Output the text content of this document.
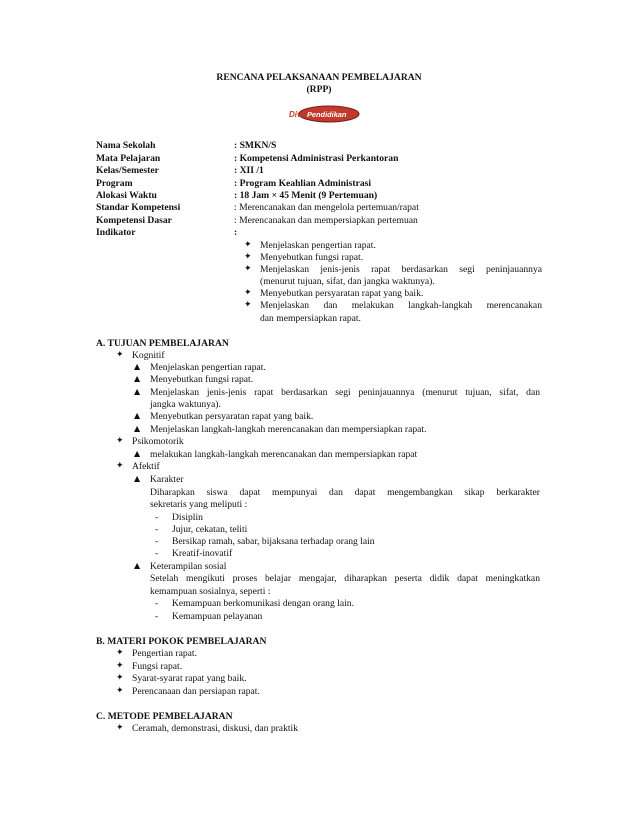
RENCANA PELAKSANAAN PEMBELAJARAN
(RPP)
Dive Pendidikan
Nama Sekolah	: SMKN/S
Mata Pelajaran	: Kompetensi Administrasi Perkantoran
Kelas/Semester	: XII /1
Program	: Program Keahlian Administrasi
Alokasi Waktu	: 18 Jam × 45 Menit (9 Pertemuan)
Standar Kompetensi	: Merencanakan dan mengelola pertemuan/rapat
Kompetensi Dasar	: Merencanakan dan mempersiapkan pertemuan
Indikator	:
✦ Menjelaskan pengertian rapat.
✦ Menyebutkan fungsi rapat.
✦ Menjelaskan jenis-jenis rapat berdasarkan segi peninjauannya
(menurut tujuan, sifat, dan jangka waktunya).
✦ Menyebutkan persyaratan rapat yang baik.
✦ Menjelaskan dan melakukan langkah-langkah merencanakan
dan mempersiapkan rapat.
A. TUJUAN PEMBELAJARAN
✦ Kognitif
▲ Menjelaskan pengertian rapat.
▲ Menyebutkan fungsi rapat.
▲ Menjelaskan jenis-jenis rapat berdasarkan segi peninjauannya (menurut tujuan, sifat, dan
jangka waktunya).
▲ Menyebutkan persyaratan rapat yang baik.
▲ Menjelaskan langkah-langkah merencanakan dan mempersiapkan rapat.
✦ Psikomotorik
▲ melakukan langkah-langkah merencanakan dan mempersiapkan rapat
✦ Afektif
▲ Karakter
Diharapkan siswa dapat mempunyai dan dapat mengembangkan sikap berkarakter
sekretaris yang meliputi :
- Disiplin
- Jujur, cekatan, teliti
- Bersikap ramah, sabar, bijaksana terhadap orang lain
- Kreatif-inovatif
▲ Keterampilan sosial
Setelah mengikuti proses belajar mengajar, diharapkan peserta didik dapat meningkatkan
kemampuan sosialnya, seperti :
- Kemampuan berkomunikasi dengan orang lain.
- Kemampuan pelayanan
B. MATERI POKOK PEMBELAJARAN
✦ Pengertian rapat.
✦ Fungsi rapat.
✦ Syarat-syarat rapat yang baik.
✦ Perencanaan dan persiapan rapat.
C. METODE PEMBELAJARAN
✦ Ceramah, demonstrasi, diskusi, dan praktik
